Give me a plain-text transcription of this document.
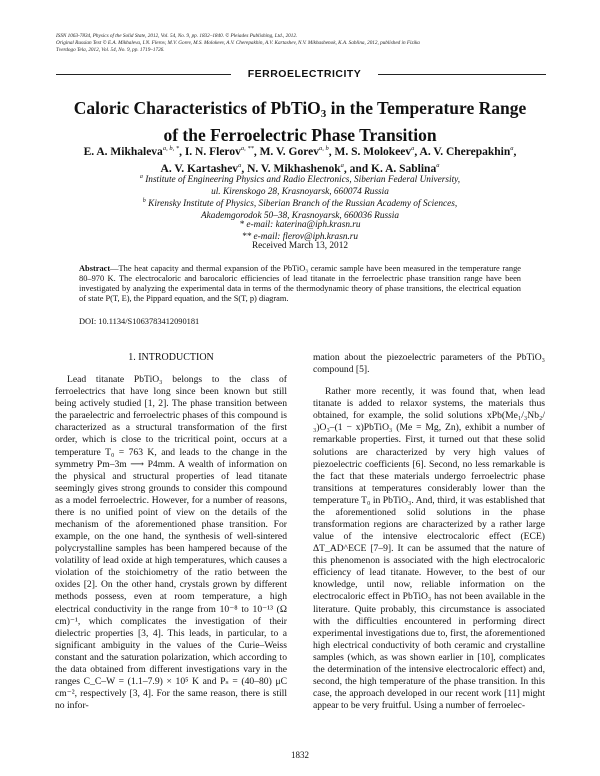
ISSN 1063-7834, Physics of the Solid State, 2012, Vol. 54, No. 9, pp. 1832–1840. © Pleiades Publishing, Ltd., 2012.
Original Russian Text © E.A. Mikhaleva, I.N. Flerov, M.V. Gorev, M.S. Molokeev, A.V. Cherepakhin, A.V. Kartashev, N.V. Mikhashenok, K.A. Sablina, 2012, published in Fizika
Tverdogo Tela, 2012, Vol. 54, No. 9, pp. 1719–1726.
FERROELECTRICITY
Caloric Characteristics of PbTiO$_3$ in the Temperature Range
of the Ferroelectric Phase Transition
E. A. Mikhaleva$^{a, b, *}$, I. N. Flerov$^{a, **}$, M. V. Gorev$^{a, b}$, M. S. Molokeev$^a$, A. V. Cherepakhin$^a$,
A. V. Kartashev$^a$, N. V. Mikhashenok$^a$, and K. A. Sablina$^a$
$^a$ Institute of Engineering Physics and Radio Electronics, Siberian Federal University,
ul. Kirenskogo 28, Krasnoyarsk, 660074 Russia
$^b$ Kirensky Institute of Physics, Siberian Branch of the Russian Academy of Sciences,
Akademgorodok 50–38, Krasnoyarsk, 660036 Russia
* e-mail: katerina@iph.krasn.ru
** e-mail: flerov@iph.krasn.ru
Received March 13, 2012
Abstract—The heat capacity and thermal expansion of the PbTiO₃ ceramic sample have been measured in the temperature range 80–970 K. The electrocaloric and barocaloric efficiencies of lead titanate in the ferroelectric phase transition range have been investigated by analyzing the experimental data in terms of the thermodynamic theory of phase transitions, the electrical equation of state P(T, E), the Pippard equation, and the S(T, p) diagram.
DOI: 10.1134/S1063783412090181

1. INTRODUCTION

Lead titanate PbTiO₃ belongs to the class of ferroelectrics that have long since been known but still being actively studied [1, 2]. The phase transition between the paraelectric and ferroelectric phases of this compound is characterized as a structural transformation of the first order, which is close to the tricritical point, occurs at a temperature T₀ = 763 K, and leads to the change in the symmetry Pm–3m ⟶ P4mm. A wealth of information on the physical and structural properties of lead titanate seemingly gives strong grounds to consider this compound as a model ferroelectric. However, for a number of reasons, there is no unified point of view on the details of the mechanism of the aforementioned phase transition. For example, on the one hand, the synthesis of well-sintered polycrystalline samples has been hampered because of the volatility of lead oxide at high temperatures, which causes a violation of the stoichiometry of the ratio between the oxides [2]. On the other hand, crystals grown by different methods possess, even at room temperature, a high electrical conductivity in the range from 10⁻⁸ to 10⁻¹³ (Ω cm)⁻¹, which complicates the investigation of their dielectric properties [3, 4]. This leads, in particular, to a significant ambiguity in the values of the Curie–Weiss constant and the saturation polarization, which according to the data obtained from different investigations vary in the ranges C_C–W = (1.1–7.9) × 10⁵ K and Pₛ = (40–80) μC cm⁻², respectively [3, 4]. For the same reason, there is still no infor-

mation about the piezoelectric parameters of the PbTiO₃ compound [5].

Rather more recently, it was found that, when lead titanate is added to relaxor systems, the materials thus obtained, for example, the solid solutions xPb(Me₁/₃Nb₂/₃)O₃–(1 − x)PbTiO₃ (Me = Mg, Zn), exhibit a number of remarkable properties. First, it turned out that these solid solutions are characterized by very high values of piezoelectric coefficients [6]. Second, no less remarkable is the fact that these materials undergo ferroelectric phase transitions at temperatures considerably lower than the temperature T₀ in PbTiO₃. And, third, it was established that the aforementioned solid solutions in the phase transformation regions are characterized by a rather large value of the intensive electrocaloric effect (ECE) ΔT_AD^ECE [7–9]. It can be assumed that the nature of this phenomenon is associated with the high electrocaloric efficiency of lead titanate. However, to the best of our knowledge, until now, reliable information on the electrocaloric effect in PbTiO₃ has not been available in the literature. Quite probably, this circumstance is associated with the difficulties encountered in performing direct experimental investigations due to, first, the aforementioned high electrical conductivity of both ceramic and crystalline samples (which, as was shown earlier in [10], complicates the determination of the intensive electrocaloric effect) and, second, the high temperature of the phase transition. In this case, the approach developed in our recent work [11] might appear to be very fruitful. Using a number of ferroelec-

1832
